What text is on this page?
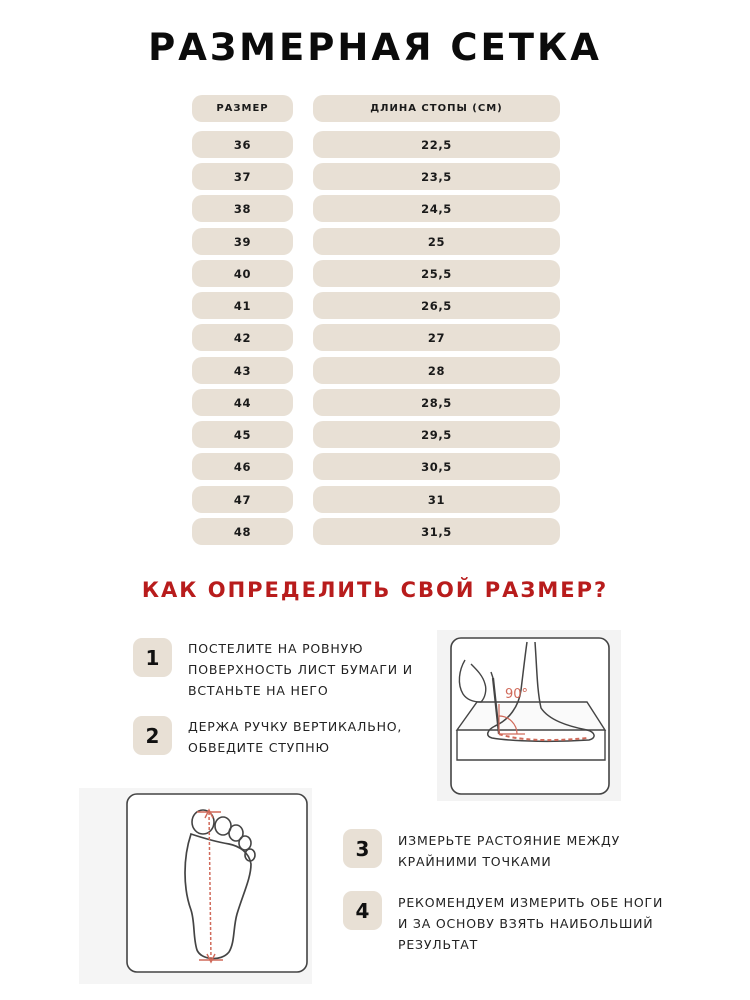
РАЗМЕРНАЯ СЕТКА
РАЗМЕР	ДЛИНА СТОПЫ (СМ)
36	22,5
37	23,5
38	24,5
39	25
40	25,5
41	26,5
42	27
43	28
44	28,5
45	29,5
46	30,5
47	31
48	31,5
КАК ОПРЕДЕЛИТЬ СВОЙ РАЗМЕР?
1	ПОСТЕЛИТЕ НА РОВНУЮ
ПОВЕРХНОСТЬ ЛИСТ БУМАГИ И
ВСТАНЬТЕ НА НЕГО
2	ДЕРЖА РУЧКУ ВЕРТИКАЛЬНО,
ОБВЕДИТЕ СТУПНЮ
3	ИЗМЕРЬТЕ РАСТОЯНИЕ МЕЖДУ
КРАЙНИМИ ТОЧКАМИ
4	РЕКОМЕНДУЕМ ИЗМЕРИТЬ ОБЕ НОГИ
И ЗА ОСНОВУ ВЗЯТЬ НАИБОЛЬШИЙ
РЕЗУЛЬТАТ
90°
